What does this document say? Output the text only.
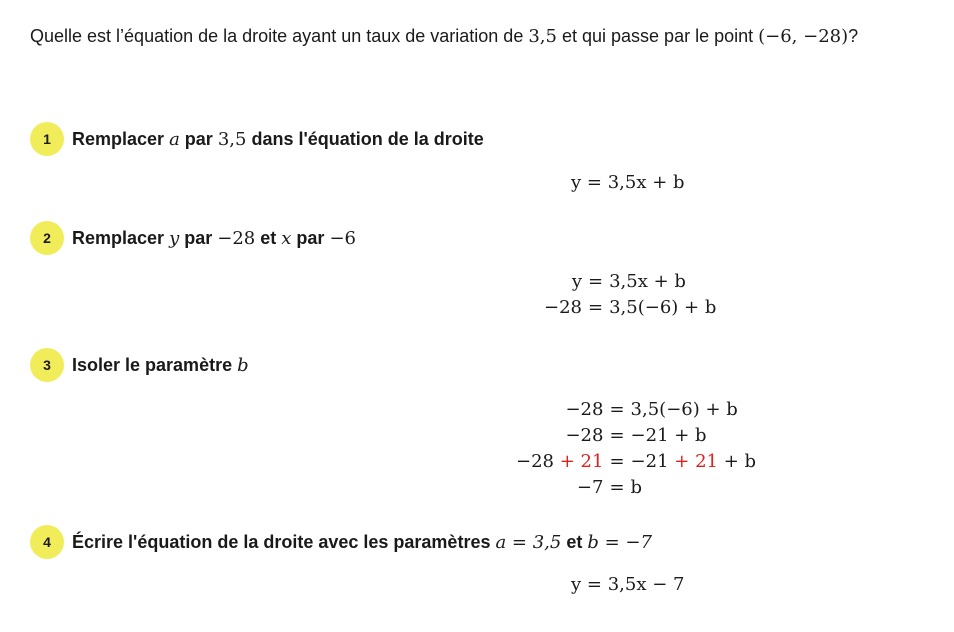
Quelle est l’équation de la droite ayant un taux de variation de 3,5 et qui passe par le point (−6, −28)?
1	Remplacer a par 3,5 dans l'équation de la droite
y = 3,5x + b
2	Remplacer y par −28 et x par −6
y = 3,5x + b
−28 = 3,5(−6) + b
3	Isoler le paramètre b
−28 = 3,5(−6) + b
−28 = −21 + b
−28 + 21 = −21 + 21 + b
−7 = b
4	Écrire l'équation de la droite avec les paramètres a = 3,5 et b = −7
y = 3,5x − 7
